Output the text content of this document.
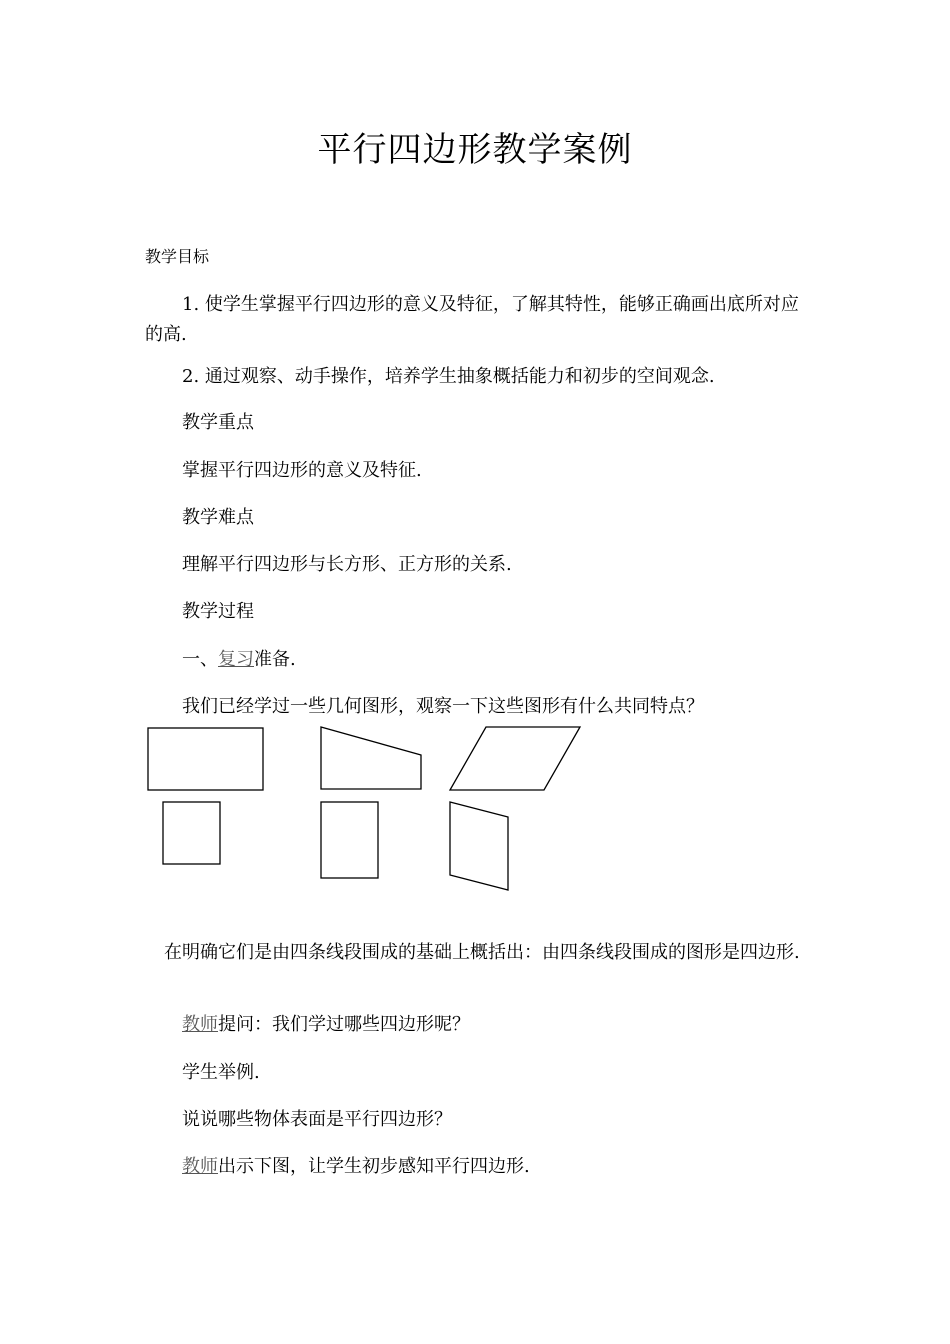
平行四边形教学案例
教学目标
1. 使学生掌握平行四边形的意义及特征，了解其特性，能够正确画出底所对应的高.
2. 通过观察、动手操作，培养学生抽象概括能力和初步的空间观念.
教学重点
掌握平行四边形的意义及特征.
教学难点
理解平行四边形与长方形、正方形的关系.
教学过程
一、复习准备.
我们已经学过一些几何图形，观察一下这些图形有什么共同特点？
在明确它们是由四条线段围成的基础上概括出：由四条线段围成的图形是四边形.
教师提问：我们学过哪些四边形呢？
学生举例.
说说哪些物体表面是平行四边形？
教师出示下图，让学生初步感知平行四边形.
